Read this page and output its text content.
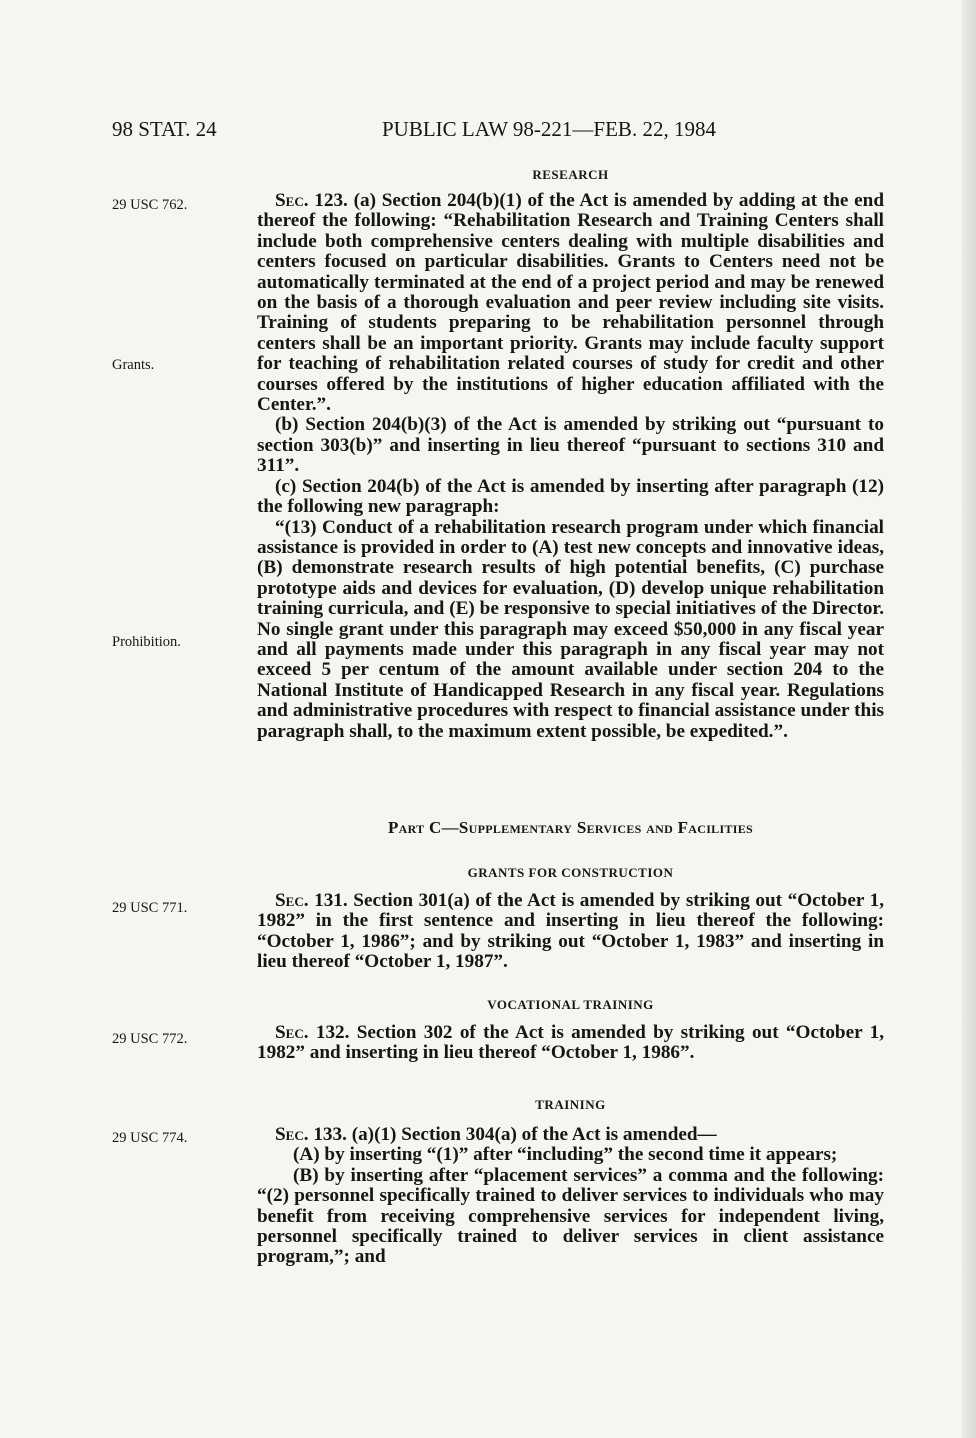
98 STAT. 24	PUBLIC LAW 98-221—FEB. 22, 1984
29 USC 762.
Grants.
Prohibition.
29 USC 771.
29 USC 772.
29 USC 774.
RESEARCH

Sec. 123. (a) Section 204(b)(1) of the Act is amended by adding at the end thereof the following: “Rehabilitation Research and Training Centers shall include both comprehensive centers dealing with multiple disabilities and centers focused on particular disabilities. Grants to Centers need not be automatically terminated at the end of a project period and may be renewed on the basis of a thorough evaluation and peer review including site visits. Training of students preparing to be rehabilitation personnel through centers shall be an important priority. Grants may include faculty support for teaching of rehabilitation related courses of study for credit and other courses offered by the institutions of higher education affiliated with the Center.”.

(b) Section 204(b)(3) of the Act is amended by striking out “pursuant to section 303(b)” and inserting in lieu thereof “pursuant to sections 310 and 311”.

(c) Section 204(b) of the Act is amended by inserting after paragraph (12) the following new paragraph:

“(13) Conduct of a rehabilitation research program under which financial assistance is provided in order to (A) test new concepts and innovative ideas, (B) demonstrate research results of high potential benefits, (C) purchase prototype aids and devices for evaluation, (D) develop unique rehabilitation training curricula, and (E) be responsive to special initiatives of the Director. No single grant under this paragraph may exceed $50,000 in any fiscal year and all payments made under this paragraph in any fiscal year may not exceed 5 per centum of the amount available under section 204 to the National Institute of Handicapped Research in any fiscal year. Regulations and administrative procedures with respect to financial assistance under this paragraph shall, to the maximum extent possible, be expedited.”.

Part C—Supplementary Services and Facilities
GRANTS FOR CONSTRUCTION

Sec. 131. Section 301(a) of the Act is amended by striking out “October 1, 1982” in the first sentence and inserting in lieu thereof the following: “October 1, 1986”; and by striking out “October 1, 1983” and inserting in lieu thereof “October 1, 1987”.

VOCATIONAL TRAINING

Sec. 132. Section 302 of the Act is amended by striking out “October 1, 1982” and inserting in lieu thereof “October 1, 1986”.

TRAINING

Sec. 133. (a)(1) Section 304(a) of the Act is amended—

(A) by inserting “(1)” after “including” the second time it appears;

(B) by inserting after “placement services” a comma and the following: “(2) personnel specifically trained to deliver services to individuals who may benefit from receiving comprehensive services for independent living, personnel specifically trained to deliver services in client assistance program,”; and
